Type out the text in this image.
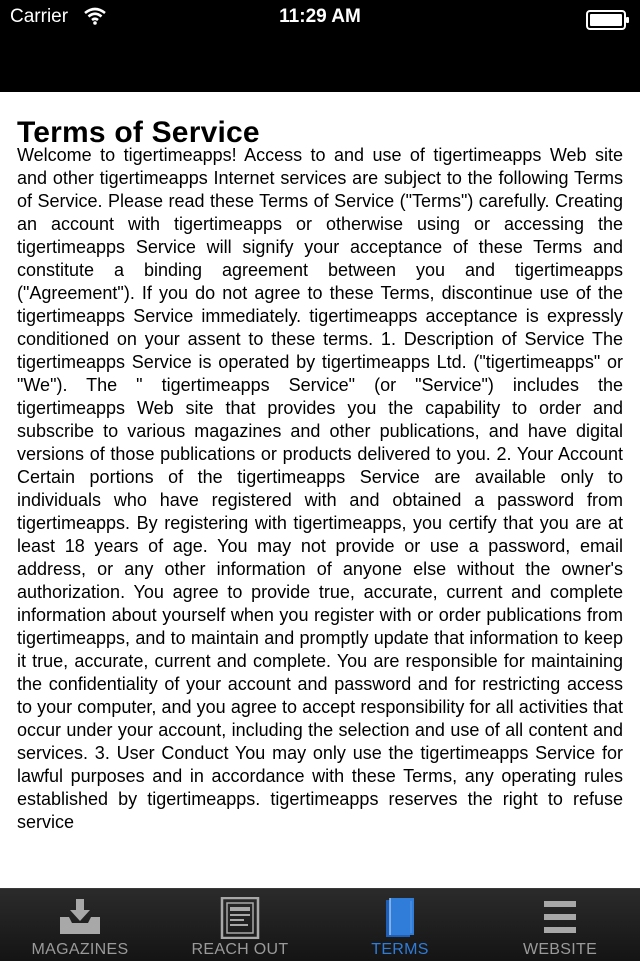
Carrier	11:29 AM
Terms of Service

Welcome to tigertimeapps! Access to and use of tigertimeapps Web site and other tigertimeapps Internet services are subject to the following Terms of Service. Please read these Terms of Service ("Terms") carefully. Creating an account with tigertimeapps or otherwise using or accessing the tigertimeapps Service will signify your acceptance of these Terms and constitute a binding agreement between you and tigertimeapps ("Agreement"). If you do not agree to these Terms, discontinue use of the tigertimeapps Service immediately. tigertimeapps acceptance is expressly conditioned on your assent to these terms. 1. Description of Service The tigertimeapps Service is operated by tigertimeapps Ltd. ("tigertimeapps" or "We"). The " tigertimeapps Service" (or "Service") includes the tigertimeapps Web site that provides you the capability to order and subscribe to various magazines and other publications, and have digital versions of those publications or products delivered to you. 2. Your Account Certain portions of the tigertimeapps Service are available only to individuals who have registered with and obtained a password from tigertimeapps. By registering with tigertimeapps, you certify that you are at least 18 years of age. You may not provide or use a password, email address, or any other information of anyone else without the owner's authorization. You agree to provide true, accurate, current and complete information about yourself when you register with or order publications from tigertimeapps, and to maintain and promptly update that information to keep it true, accurate, current and complete. You are responsible for maintaining the confidentiality of your account and password and for restricting access to your computer, and you agree to accept responsibility for all activities that occur under your account, including the selection and use of all content and services. 3. User Conduct You may only use the tigertimeapps Service for lawful purposes and in accordance with these Terms, any operating rules established by tigertimeapps. tigertimeapps reserves the right to refuse service

MAGAZINES	REACH OUT	TERMS	WEBSITE
